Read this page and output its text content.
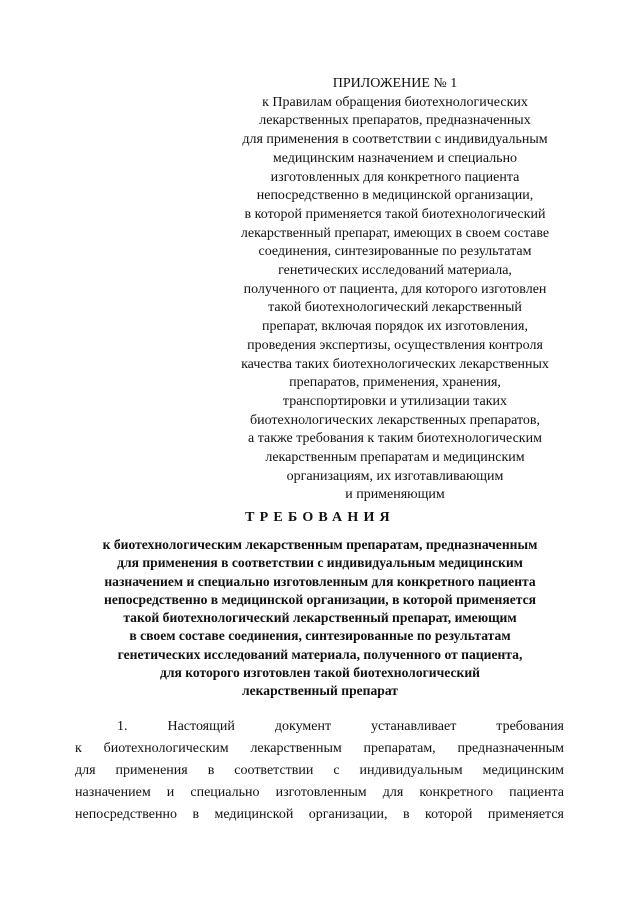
ПРИЛОЖЕНИЕ № 1
к Правилам обращения биотехнологических
лекарственных препаратов, предназначенных
для применения в соответствии с индивидуальным
медицинским назначением и специально
изготовленных для конкретного пациента
непосредственно в медицинской организации,
в которой применяется такой биотехнологический
лекарственный препарат, имеющих в своем составе
соединения, синтезированные по результатам
генетических исследований материала,
полученного от пациента, для которого изготовлен
такой биотехнологический лекарственный
препарат, включая порядок их изготовления,
проведения экспертизы, осуществления контроля
качества таких биотехнологических лекарственных
препаратов, применения, хранения,
транспортировки и утилизации таких
биотехнологических лекарственных препаратов,
а также требования к таким биотехнологическим
лекарственным препаратам и медицинским
организациям, их изготавливающим
и применяющим
ТРЕБОВАНИЯ
к биотехнологическим лекарственным препаратам, предназначенным
для применения в соответствии с индивидуальным медицинским
назначением и специально изготовленным для конкретного пациента
непосредственно в медицинской организации, в которой применяется
такой биотехнологический лекарственный препарат, имеющим
в своем составе соединения, синтезированные по результатам
генетических исследований материала, полученного от пациента,
для которого изготовлен такой биотехнологический
лекарственный препарат
1. Настоящий документ устанавливает требования
к биотехнологическим лекарственным препаратам, предназначенным
для применения в соответствии с индивидуальным медицинским
назначением и специально изготовленным для конкретного пациента
непосредственно в медицинской организации, в которой применяется
